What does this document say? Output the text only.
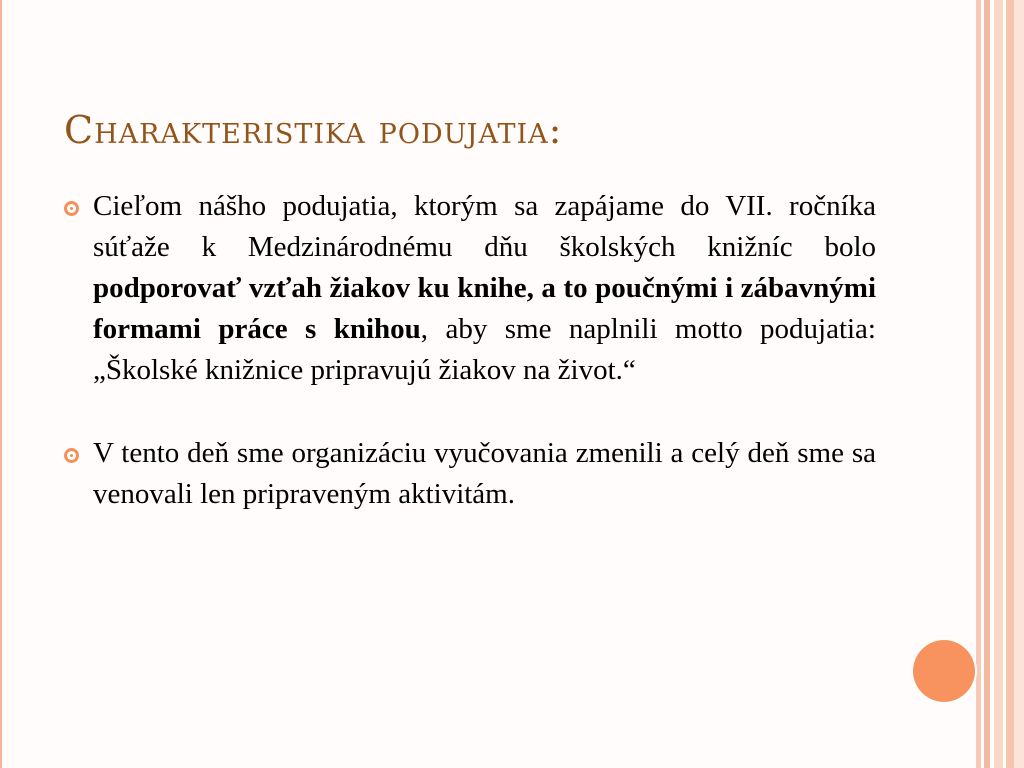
Charakteristika podujatia:
Cieľom nášho podujatia, ktorým sa zapájame do VII. ročníka súťaže k Medzinárodnému dňu školských knižníc bolo podporovať vzťah žiakov ku knihe, a to poučnými i zábavnými formami práce s knihou, aby sme naplnili motto podujatia: „Školské knižnice pripravujú žiakov na život.“
V tento deň sme organizáciu vyučovania zmenili a celý deň sme sa venovali len pripraveným aktivitám.
